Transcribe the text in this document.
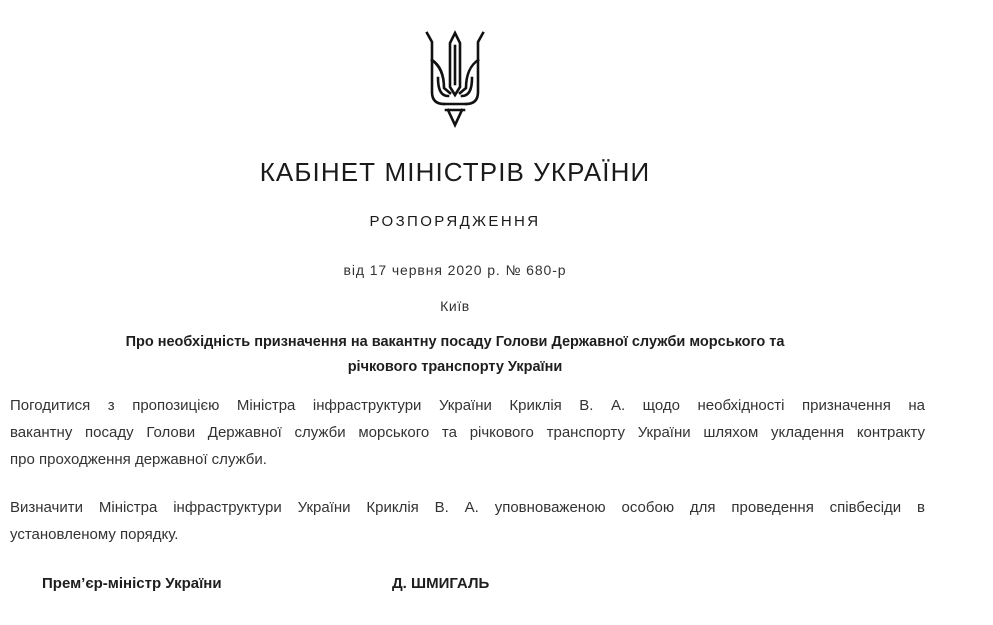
КАБІНЕТ МІНІСТРІВ УКРАЇНИ
РОЗПОРЯДЖЕННЯ
від 17 червня 2020 р. № 680-р
Київ
Про необхідність призначення на вакантну посаду Голови Державної служби морського та
річкового транспорту України
Погодитися з пропозицією Міністра інфраструктури України Криклія В. А. щодо необхідності призначення на
вакантну посаду Голови Державної служби морського та річкового транспорту України шляхом укладення контракту
про проходження державної служби.
Визначити Міністра інфраструктури України Криклія В. А. уповноваженою особою для проведення співбесіди в
установленому порядку.
Прем’єр-міністр України	Д. ШМИГАЛЬ
